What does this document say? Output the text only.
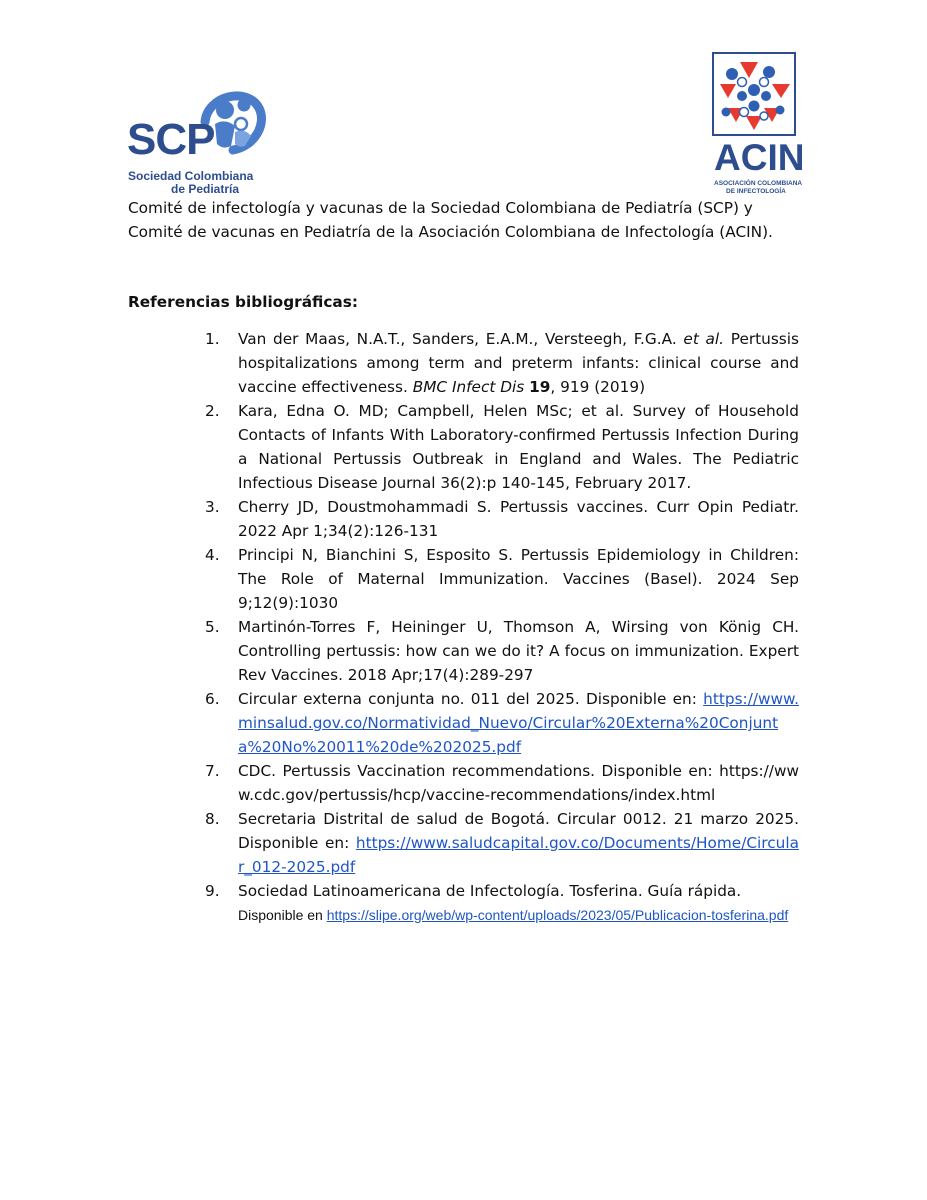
SCP
Sociedad Colombiana
de Pediatría
ACIN
ASOCIACIÓN COLOMBIANA
DE INFECTOLOGÍA

Comité de infectología y vacunas de la Sociedad Colombiana de Pediatría (SCP) y Comité de vacunas en Pediatría de la Asociación Colombiana de Infectología (ACIN).

Referencias bibliográficas:
1.	Van der Maas, N.A.T., Sanders, E.A.M., Versteegh, F.G.A. et al. Pertussis hospitalizations among term and preterm infants: clinical course and vaccine effectiveness. BMC Infect Dis 19, 919 (2019)
2.	Kara, Edna O. MD; Campbell, Helen MSc; et al. Survey of Household Contacts of Infants With Laboratory-confirmed Pertussis Infection During a National Pertussis Outbreak in England and Wales. The Pediatric Infectious Disease Journal 36(2):p 140-145, February 2017.
3.	Cherry JD, Doustmohammadi S. Pertussis vaccines. Curr Opin Pediatr. 2022 Apr 1;34(2):126-131
4.	Principi N, Bianchini S, Esposito S. Pertussis Epidemiology in Children: The Role of Maternal Immunization. Vaccines (Basel). 2024 Sep 9;12(9):1030
5.	Martinón-Torres F, Heininger U, Thomson A, Wirsing von König CH. Controlling pertussis: how can we do it? A focus on immunization. Expert Rev Vaccines. 2018 Apr;17(4):289-297
6.	Circular externa conjunta no. 011 del 2025. Disponible en: https://www.minsalud.gov.co/Normatividad_Nuevo/Circular%20Externa%20Conjunta%20No%20011%20de%202025.pdf
7.	CDC. Pertussis Vaccination recommendations. Disponible en: https://www.cdc.gov/pertussis/hcp/vaccine-recommendations/index.html
8.	Secretaria Distrital de salud de Bogotá. Circular 0012. 21 marzo 2025. Disponible en: https://www.saludcapital.gov.co/Documents/Home/Circular_012-2025.pdf
9.	Sociedad Latinoamericana de Infectología. Tosferina. Guía rápida. Disponible en https://slipe.org/web/wp-content/uploads/2023/05/Publicacion-tosferina.pdf
